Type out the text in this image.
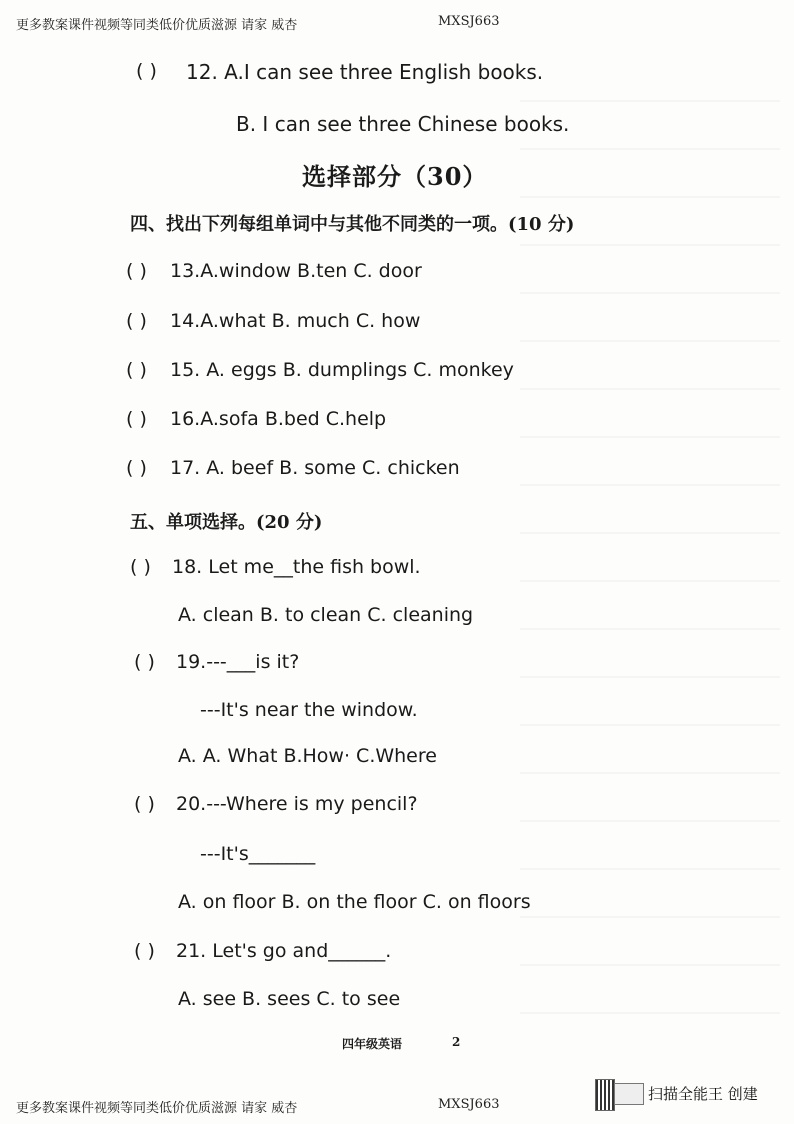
更多教案课件视频等同类低价优质滋源 请家 威杏	MXSJ663
( ) 12. A.I can see three English books.
B. I can see three Chinese books.
选择部分（30）
四、找出下列每组单词中与其他不同类的一项。(10 分)
( ) 13.A.window B.ten C. door
( ) 14.A.what B. much C. how
( ) 15. A. eggs B. dumplings C. monkey
( ) 16.A.sofa B.bed C.help
( ) 17. A. beef B. some C. chicken
五、单项选择。(20 分)
( ) 18. Let me__the fish bowl.
A. clean B. to clean C. cleaning
( ) 19.---___is it?
---It's near the window.
A. A. What B.How· C.Where
( ) 20.---Where is my pencil?
---It's_______
A. on floor B. on the floor C. on floors
( ) 21. Let's go and______.
A. see B. sees C. to see
四年级英语	2
更多教案课件视频等同类低价优质滋源 请家 威杏	MXSJ663
扫描全能王 创建
